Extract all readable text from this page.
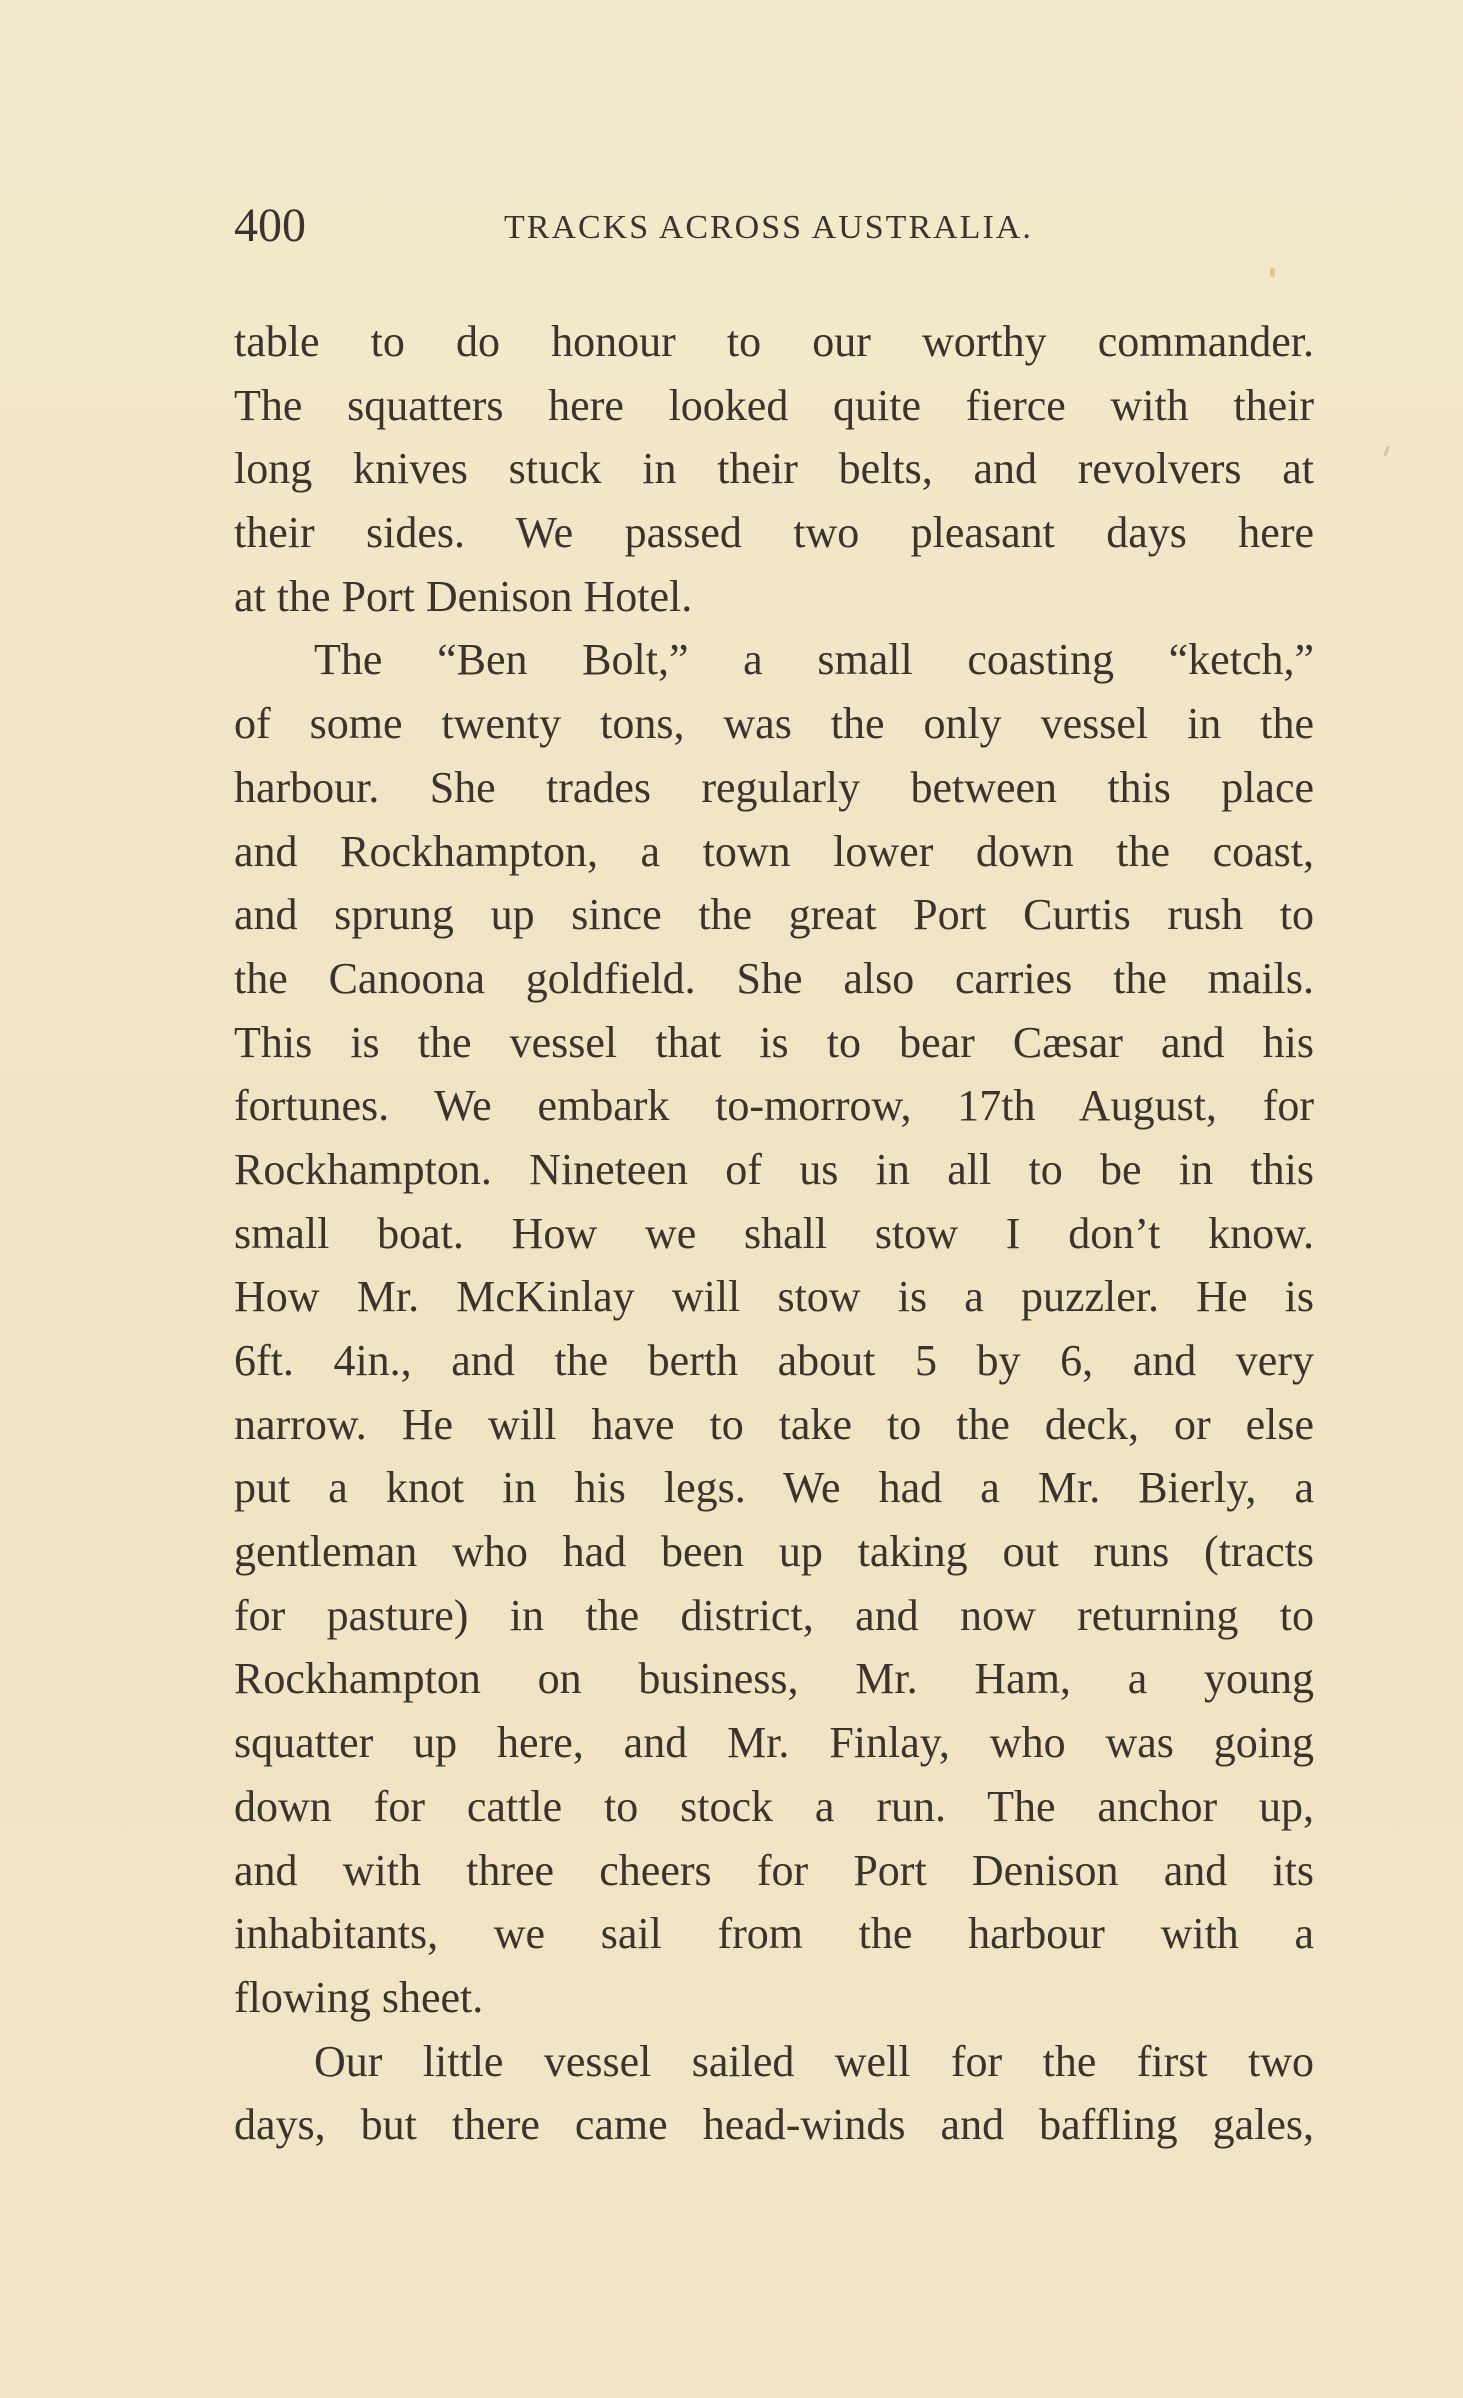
400	TRACKS ACROSS AUSTRALIA.

table to do honour to our worthy commander.
The squatters here looked quite fierce with their
long knives stuck in their belts, and revolvers at
their sides. We passed two pleasant days here
at the Port Denison Hotel.

The “Ben Bolt,” a small coasting “ketch,”
of some twenty tons, was the only vessel in the
harbour. She trades regularly between this place
and Rockhampton, a town lower down the coast,
and sprung up since the great Port Curtis rush to
the Canoona goldfield. She also carries the mails.
This is the vessel that is to bear Cæsar and his
fortunes. We embark to-morrow, 17th August, for
Rockhampton. Nineteen of us in all to be in this
small boat. How we shall stow I don’t know.
How Mr. McKinlay will stow is a puzzler. He is
6ft. 4in., and the berth about 5 by 6, and very
narrow. He will have to take to the deck, or else
put a knot in his legs. We had a Mr. Bierly, a
gentleman who had been up taking out runs (tracts
for pasture) in the district, and now returning to
Rockhampton on business, Mr. Ham, a young
squatter up here, and Mr. Finlay, who was going
down for cattle to stock a run. The anchor up,
and with three cheers for Port Denison and its
inhabitants, we sail from the harbour with a
flowing sheet.

Our little vessel sailed well for the first two
days, but there came head-winds and baffling gales,
